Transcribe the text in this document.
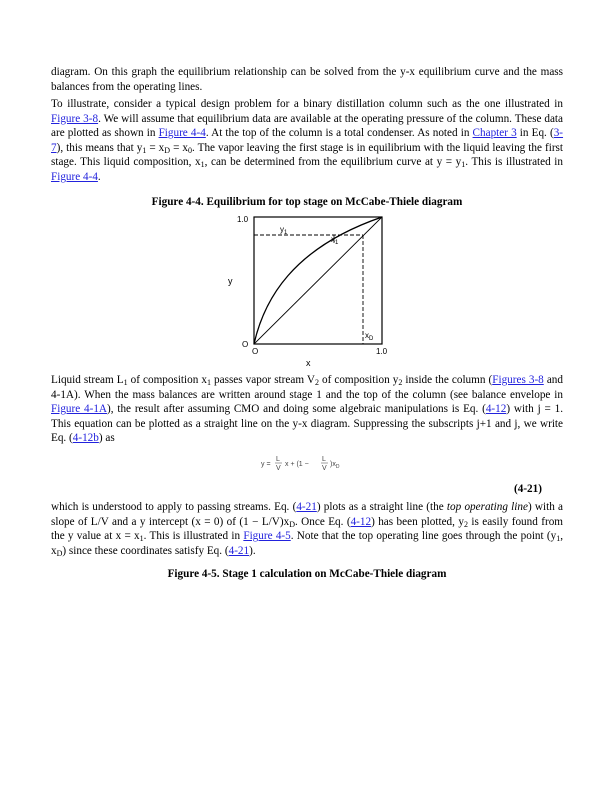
diagram. On this graph the equilibrium relationship can be solved from the y-x equilibrium curve and the mass balances from the operating lines.

To illustrate, consider a typical design problem for a binary distillation column such as the one illustrated in Figure 3-8. We will assume that equilibrium data are available at the operating pressure of the column. These data are plotted as shown in Figure 4-4. At the top of the column is a total condenser. As noted in Chapter 3 in Eq. (3-7), this means that $y_1 = x_D = x_0$. The vapor leaving the first stage is in equilibrium with the liquid leaving the first stage. This liquid composition, $x_1$, can be determined from the equilibrium curve at $y = y_1$. This is illustrated in Figure 4-4.

Figure 4-4. Equilibrium for top stage on McCabe-Thiele diagram

1.0
y
$y_1$
$x_1$
$x_D$
O
O	1.0
x

Liquid stream $L_1$ of composition $x_1$ passes vapor stream $V_2$ of composition $y_2$ inside the column (Figures 3-8 and 4-1A). When the mass balances are written around stage 1 and the top of the column (see balance envelope in Figure 4-1A), the result after assuming CMO and doing some algebraic manipulations is Eq. (4-12) with j = 1. This equation can be plotted as a straight line on the y-x diagram. Suppressing the subscripts j+1 and j, we write Eq. (4-12b) as

y =
L
V
x + (1 −
L
V
)$x_D$
(4-21)

which is understood to apply to passing streams. Eq. (4-21) plots as a straight line (the top operating line) with a slope of L/V and a y intercept (x = 0) of $(1 - L/V)x_D$. Once Eq. (4-12) has been plotted, $y_2$ is easily found from the y value at $x = x_1$. This is illustrated in Figure 4-5. Note that the top operating line goes through the point ($y_1$, $x_D$) since these coordinates satisfy Eq. (4-21).

Figure 4-5. Stage 1 calculation on McCabe-Thiele diagram
